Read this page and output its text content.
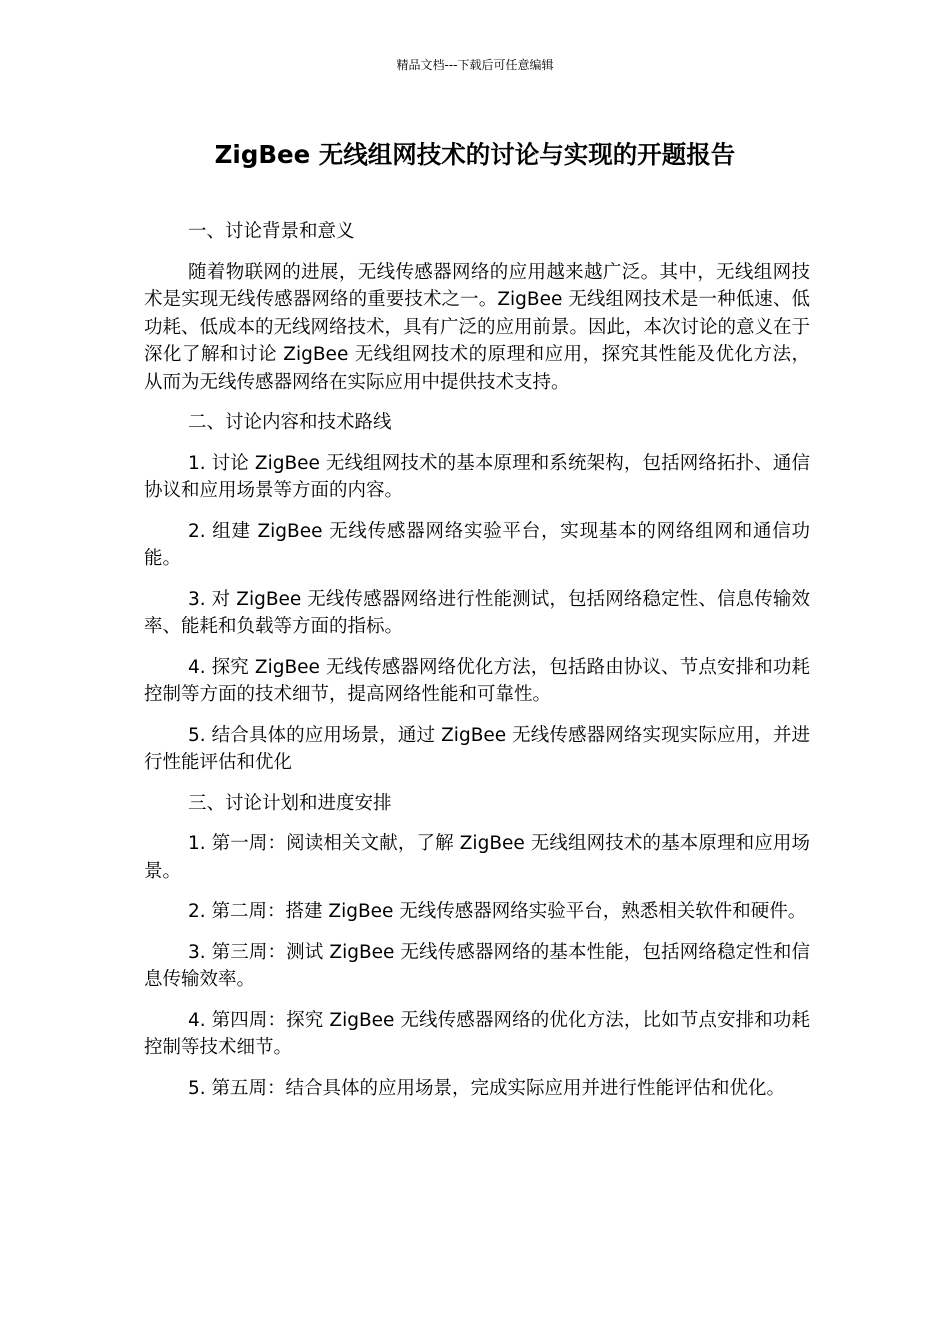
精品文档---下载后可任意编辑
ZigBee 无线组网技术的讨论与实现的开题报告

一、讨论背景和意义

随着物联网的进展，无线传感器网络的应用越来越广泛。其中，无线组网技术是实现无线传感器网络的重要技术之一。ZigBee 无线组网技术是一种低速、低功耗、低成本的无线网络技术，具有广泛的应用前景。因此，本次讨论的意义在于深化了解和讨论 ZigBee 无线组网技术的原理和应用，探究其性能及优化方法，从而为无线传感器网络在实际应用中提供技术支持。

二、讨论内容和技术路线

1. 讨论 ZigBee 无线组网技术的基本原理和系统架构，包括网络拓扑、通信协议和应用场景等方面的内容。

2. 组建 ZigBee 无线传感器网络实验平台，实现基本的网络组网和通信功能。

3. 对 ZigBee 无线传感器网络进行性能测试，包括网络稳定性、信息传输效率、能耗和负载等方面的指标。

4. 探究 ZigBee 无线传感器网络优化方法，包括路由协议、节点安排和功耗控制等方面的技术细节，提高网络性能和可靠性。

5. 结合具体的应用场景，通过 ZigBee 无线传感器网络实现实际应用，并进行性能评估和优化

三、讨论计划和进度安排

1. 第一周：阅读相关文献，了解 ZigBee 无线组网技术的基本原理和应用场景。

2. 第二周：搭建 ZigBee 无线传感器网络实验平台，熟悉相关软件和硬件。

3. 第三周：测试 ZigBee 无线传感器网络的基本性能，包括网络稳定性和信息传输效率。

4. 第四周：探究 ZigBee 无线传感器网络的优化方法，比如节点安排和功耗控制等技术细节。

5. 第五周：结合具体的应用场景，完成实际应用并进行性能评估和优化。
